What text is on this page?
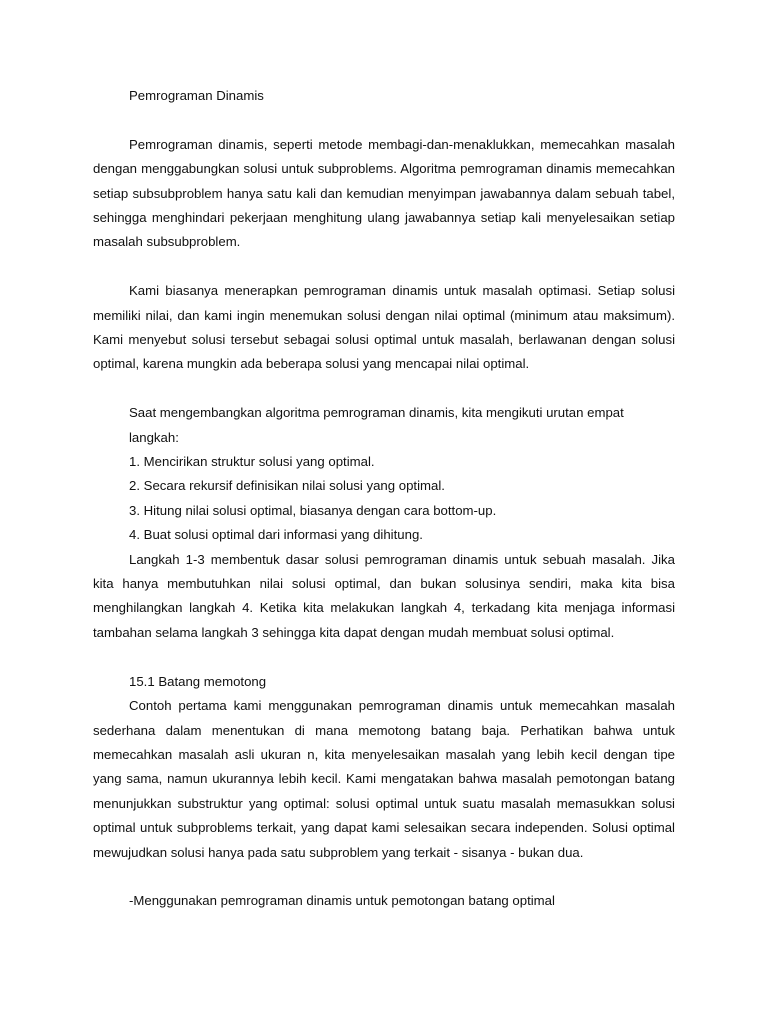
Pemrograman Dinamis

Pemrograman dinamis, seperti metode membagi-dan-menaklukkan, memecahkan masalah dengan menggabungkan solusi untuk subproblems. Algoritma pemrograman dinamis memecahkan setiap subsubproblem hanya satu kali dan kemudian menyimpan jawabannya dalam sebuah tabel, sehingga menghindari pekerjaan menghitung ulang jawabannya setiap kali menyelesaikan setiap masalah subsubproblem.

Kami biasanya menerapkan pemrograman dinamis untuk masalah optimasi. Setiap solusi memiliki nilai, dan kami ingin menemukan solusi dengan nilai optimal (minimum atau maksimum). Kami menyebut solusi tersebut sebagai solusi optimal untuk masalah, berlawanan dengan solusi optimal, karena mungkin ada beberapa solusi yang mencapai nilai optimal.

Saat mengembangkan algoritma pemrograman dinamis, kita mengikuti urutan empat langkah:

1. Mencirikan struktur solusi yang optimal.

2. Secara rekursif definisikan nilai solusi yang optimal.

3. Hitung nilai solusi optimal, biasanya dengan cara bottom-up.

4. Buat solusi optimal dari informasi yang dihitung.

Langkah 1-3 membentuk dasar solusi pemrograman dinamis untuk sebuah masalah. Jika kita hanya membutuhkan nilai solusi optimal, dan bukan solusinya sendiri, maka kita bisa menghilangkan langkah 4. Ketika kita melakukan langkah 4, terkadang kita menjaga informasi tambahan selama langkah 3 sehingga kita dapat dengan mudah membuat solusi optimal.

15.1 Batang memotong

Contoh pertama kami menggunakan pemrograman dinamis untuk memecahkan masalah sederhana dalam menentukan di mana memotong batang baja. Perhatikan bahwa untuk memecahkan masalah asli ukuran n, kita menyelesaikan masalah yang lebih kecil dengan tipe yang sama, namun ukurannya lebih kecil. Kami mengatakan bahwa masalah pemotongan batang menunjukkan substruktur yang optimal: solusi optimal untuk suatu masalah memasukkan solusi optimal untuk subproblems terkait, yang dapat kami selesaikan secara independen. Solusi optimal mewujudkan solusi hanya pada satu subproblem yang terkait - sisanya - bukan dua.

-Menggunakan pemrograman dinamis untuk pemotongan batang optimal
